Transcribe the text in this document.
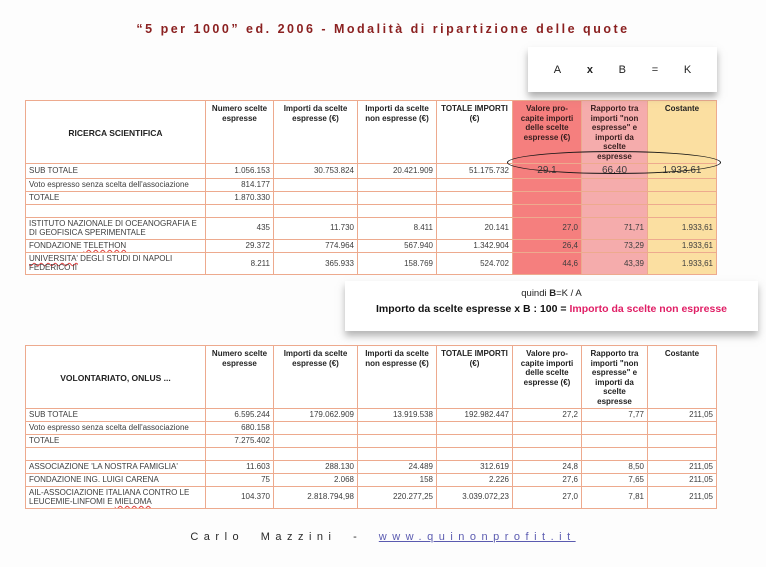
“5 per 1000” ed. 2006 - Modalità di ripartizione delle quote
A x B = K
RICERCA SCIENTIFICA	Numero scelte espresse	Importi da scelte espresse (€)	Importi da scelte non espresse (€)	TOTALE IMPORTI (€)	Valore pro-capite importi delle scelte espresse (€)	Rapporto tra importi "non espresse" e importi da scelte espresse	Costante
SUB TOTALE	1.056.153	30.753.824	20.421.909	51.175.732	29.1	66.40	1.933.61
Voto espresso senza scelta dell'associazione	814.177						
TOTALE	1.870.330						

ISTITUTO NAZIONALE DI OCEANOGRAFIA E DI GEOFISICA SPERIMENTALE	435	11.730	8.411	20.141	27,0	71,71	1.933,61
FONDAZIONE TELETHON	29.372	774.964	567.940	1.342.904	26,4	73,29	1.933,61
UNIVERSITA' DEGLI STUDI DI NAPOLI FEDERICO II	8.211	365.933	158.769	524.702	44,6	43,39	1.933,61
quindi B=K / A
Importo da scelte espresse x B : 100 = Importo da scelte non espresse
VOLONTARIATO, ONLUS ...	Numero scelte espresse	Importi da scelte espresse (€)	Importi da scelte non espresse (€)	TOTALE IMPORTI (€)	Valore pro-capite importi delle scelte espresse (€)	Rapporto tra importi "non espresse" e importi da scelte espresse	Costante
SUB TOTALE	6.595.244	179.062.909	13.919.538	192.982.447	27,2	7,77	211,05
Voto espresso senza scelta dell'associazione	680.158						
TOTALE	7.275.402						

ASSOCIAZIONE 'LA NOSTRA FAMIGLIA'	11.603	288.130	24.489	312.619	24,8	8,50	211,05
FONDAZIONE ING. LUIGI CARENA	75	2.068	158	2.226	27,6	7,65	211,05
AIL-ASSOCIAZIONE ITALIANA CONTRO LE LEUCEMIE-LINFOMI E MIELOMA	104.370	2.818.794,98	220.277,25	3.039.072,23	27,0	7,81	211,05
Carlo Mazzini - www.quinonprofit.it
